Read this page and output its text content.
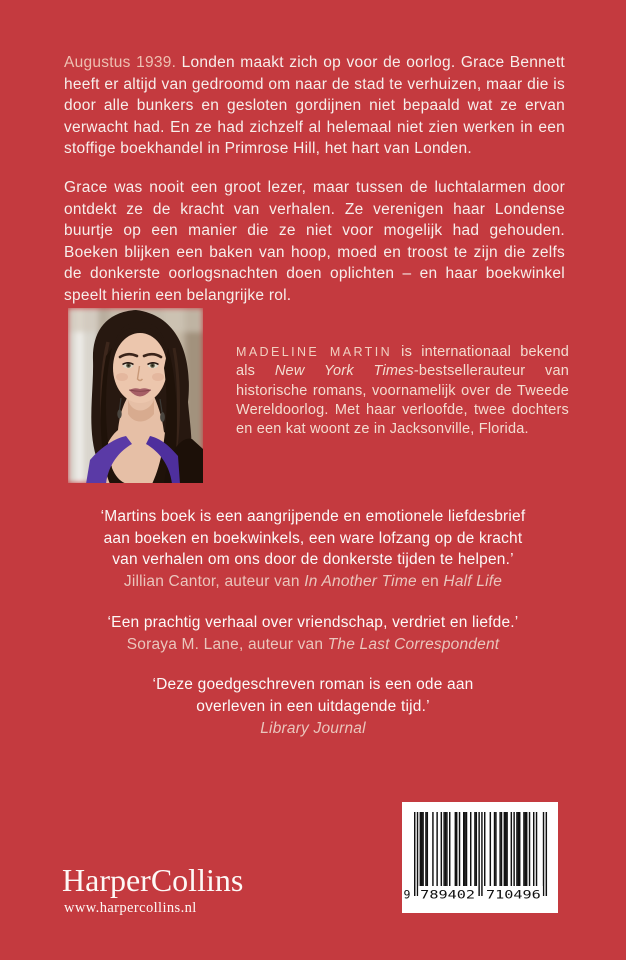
Augustus 1939. Londen maakt zich op voor de oorlog. Grace Bennett heeft er altijd van gedroomd om naar de stad te verhuizen, maar die is door alle bunkers en gesloten gordijnen niet bepaald wat ze ervan verwacht had. En ze had zichzelf al helemaal niet zien werken in een stoffige boekhandel in Primrose Hill, het hart van Londen.

Grace was nooit een groot lezer, maar tussen de luchtalarmen door ontdekt ze de kracht van verhalen. Ze verenigen haar Londense buurtje op een manier die ze niet voor mogelijk had gehouden. Boeken blijken een baken van hoop, moed en troost te zijn die zelfs de donkerste oorlogsnachten doen oplichten – en haar boekwinkel speelt hierin een belangrijke rol.

MADELINE MARTIN is internationaal bekend als New York Times-bestsellerauteur van historische romans, voornamelijk over de Tweede Wereldoorlog. Met haar verloofde, twee dochters en een kat woont ze in Jacksonville, Florida.

‘Martins boek is een aangrijpende en emotionele liefdesbrief
aan boeken en boekwinkels, een ware lofzang op de kracht
van verhalen om ons door de donkerste tijden te helpen.’
Jillian Cantor, auteur van In Another Time en Half Life
‘Een prachtig verhaal over vriendschap, verdriet en liefde.’
Soraya M. Lane, auteur van The Last Correspondent
‘Deze goedgeschreven roman is een ode aan
overleven in een uitdagende tijd.’
Library Journal
HarperCollins
www.harpercollins.nl
9 789402 710496
